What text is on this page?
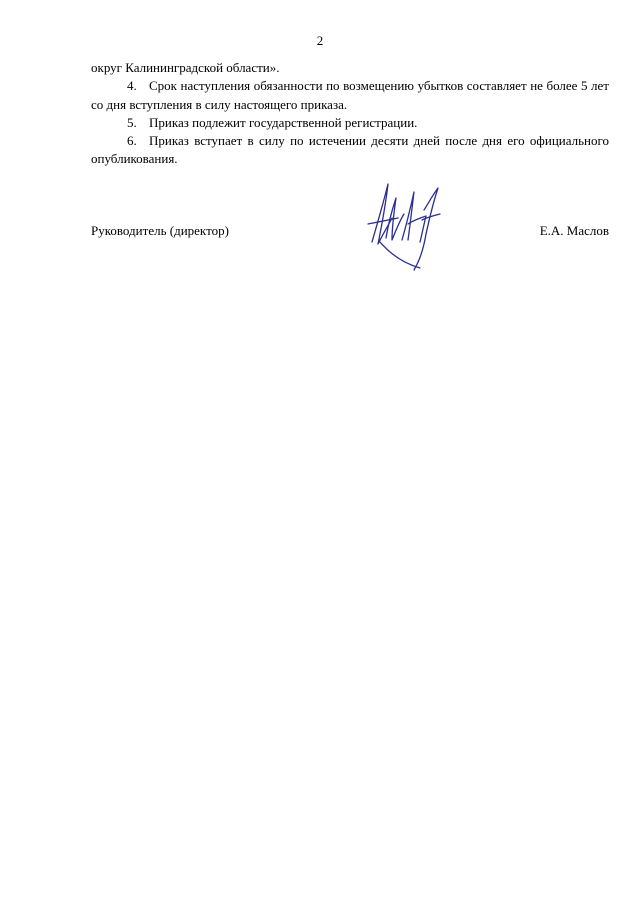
2

округ Калининградской области».

4. Срок наступления обязанности по возмещению убытков составляет не более 5 лет со дня вступления в силу настоящего приказа.

5. Приказ подлежит государственной регистрации.

6. Приказ вступает в силу по истечении десяти дней после дня его официального опубликования.

Руководитель (директор)	Е.А. Маслов
